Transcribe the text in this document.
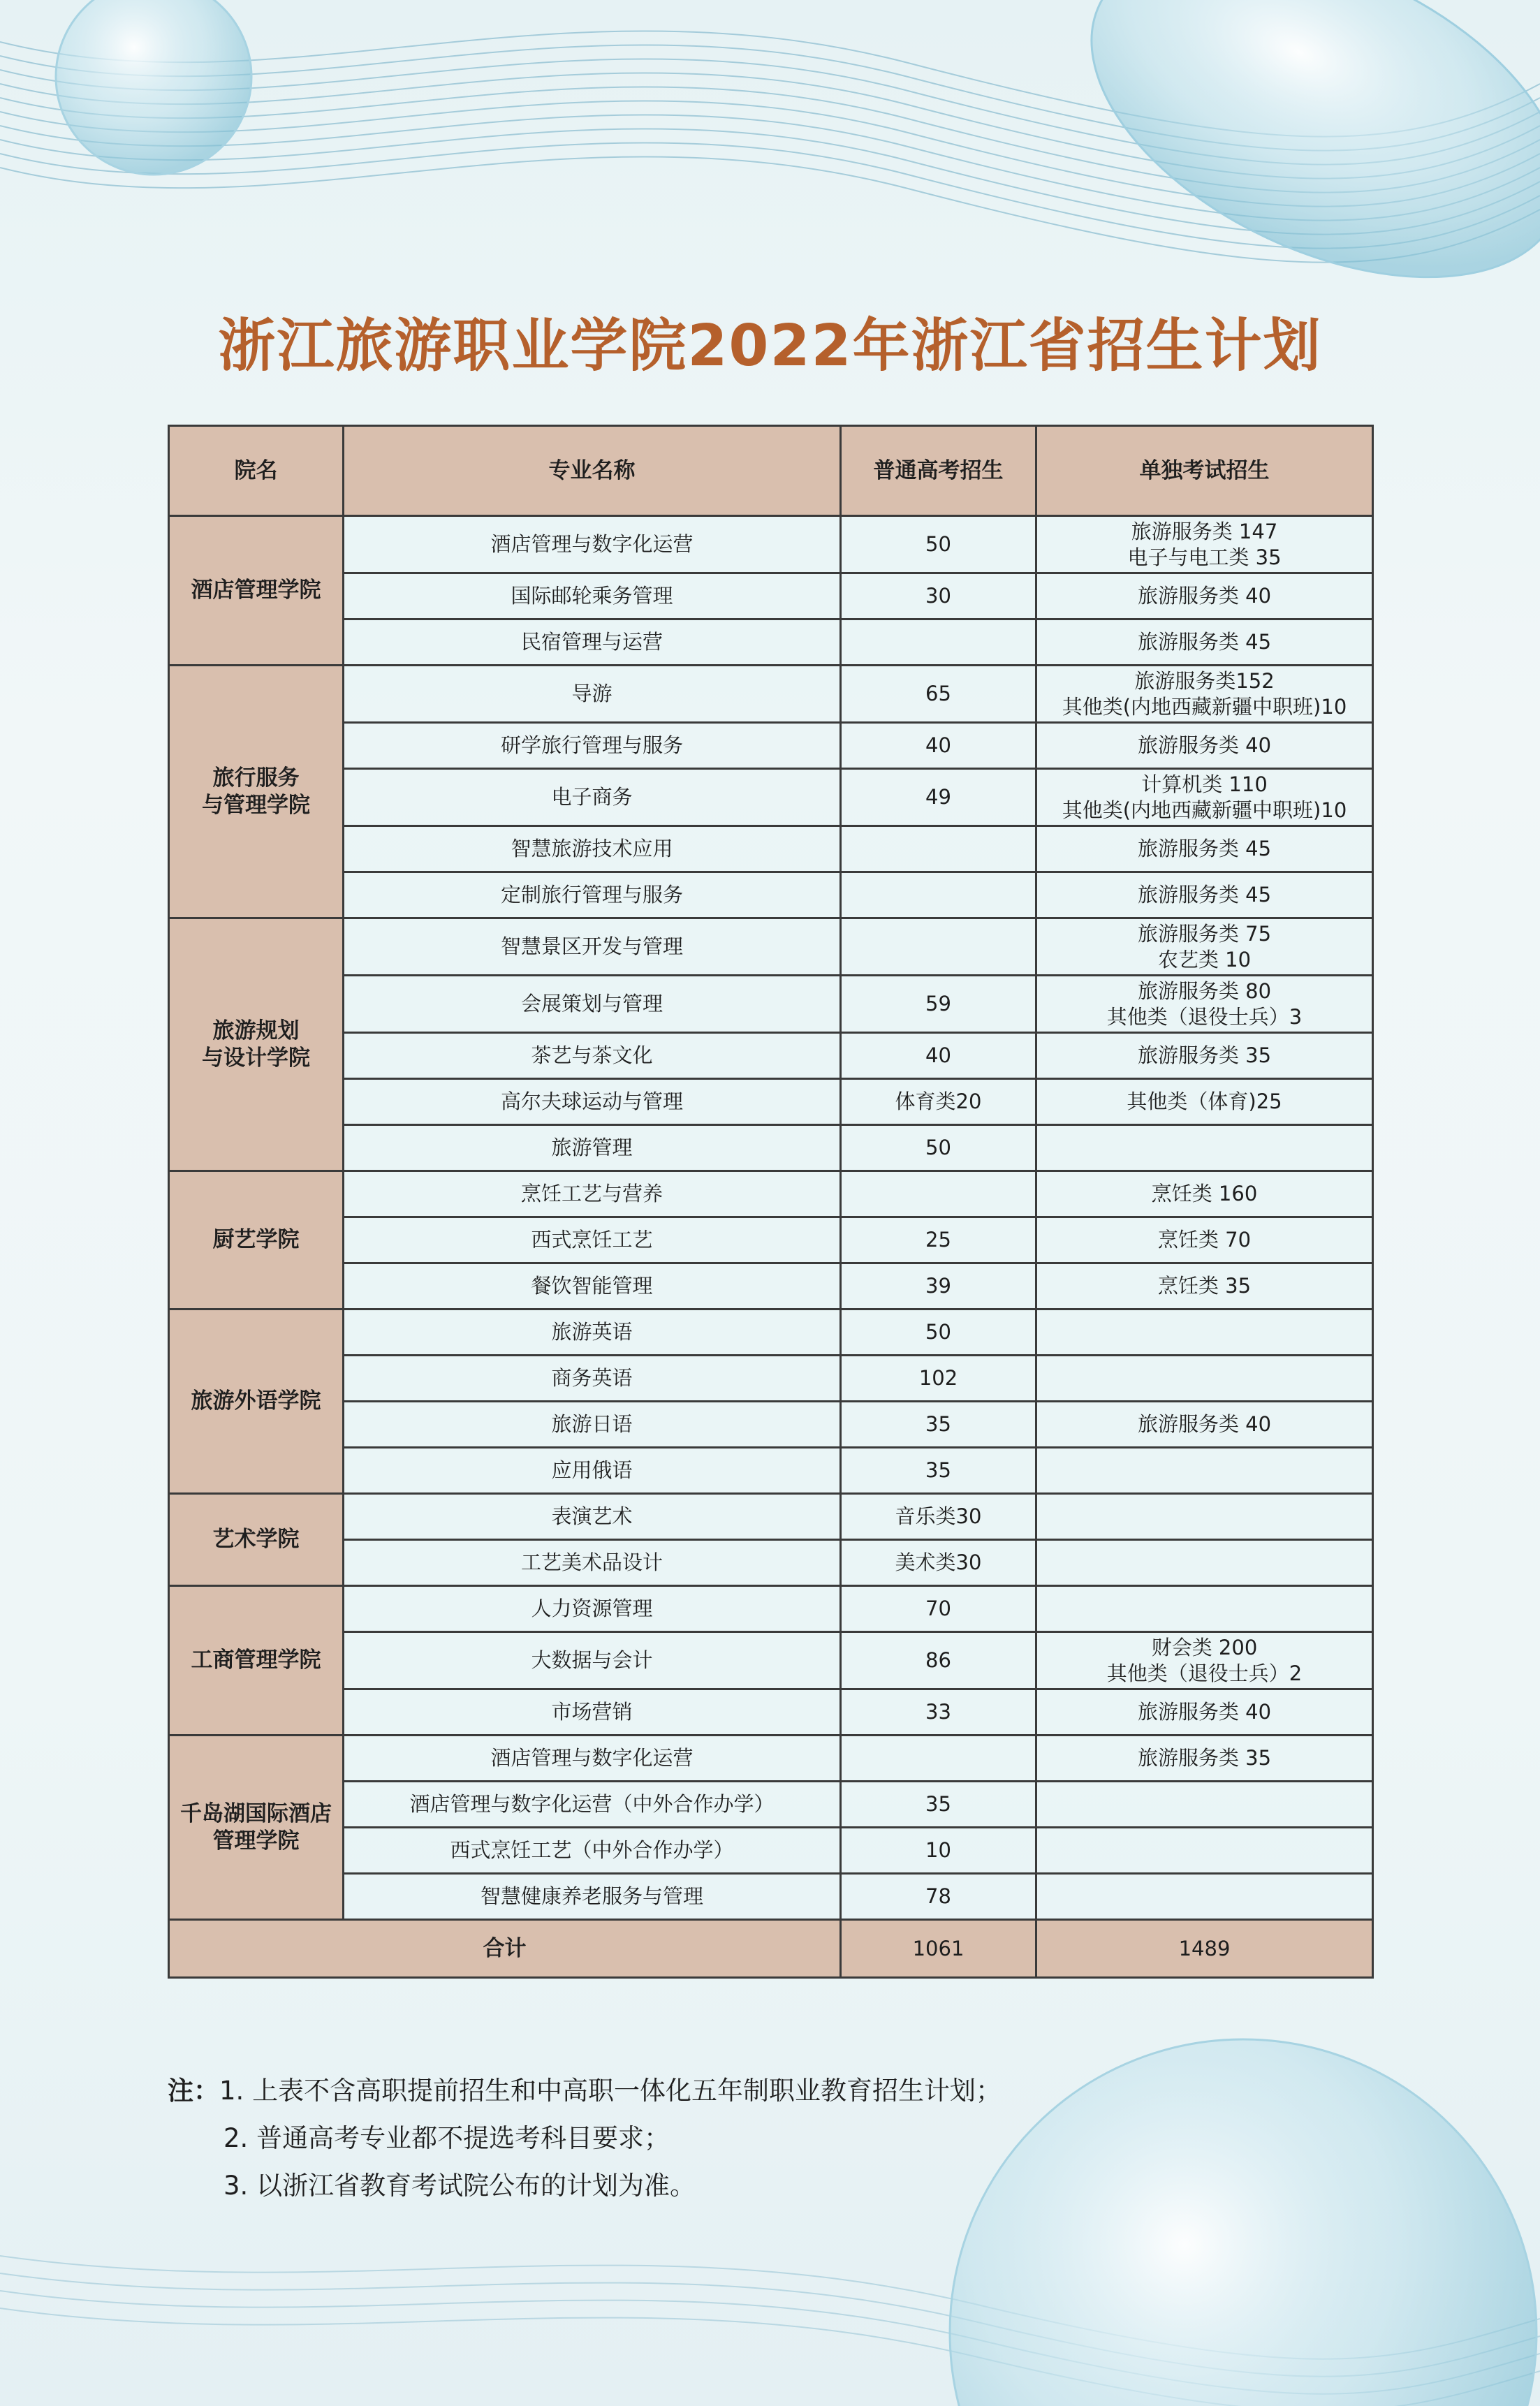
浙江旅游职业学院2022年浙江省招生计划
院名	专业名称	普通高考招生	单独考试招生

酒店管理学院	酒店管理与数字化运营	50	旅游服务类 147
电子与电工类 35

	国际邮轮乘务管理	30	旅游服务类 40

	民宿管理与运营		旅游服务类 45

旅行服务
与管理学院	导游	65	旅游服务类152
其他类(内地西藏新疆中职班)10

	研学旅行管理与服务	40	旅游服务类 40

	电子商务	49	计算机类 110
其他类(内地西藏新疆中职班)10

	智慧旅游技术应用		旅游服务类 45

	定制旅行管理与服务		旅游服务类 45

旅游规划
与设计学院	智慧景区开发与管理		旅游服务类 75
农艺类 10

	会展策划与管理	59	旅游服务类 80
其他类（退役士兵）3

	茶艺与茶文化	40	旅游服务类 35

	高尔夫球运动与管理	体育类20	其他类（体育)25

	旅游管理	50	

厨艺学院	烹饪工艺与营养		烹饪类 160

	西式烹饪工艺	25	烹饪类 70

	餐饮智能管理	39	烹饪类 35

旅游外语学院	旅游英语	50	

	商务英语	102	

	旅游日语	35	旅游服务类 40

	应用俄语	35	

艺术学院	表演艺术	音乐类30	

	工艺美术品设计	美术类30	

工商管理学院	人力资源管理	70	

	大数据与会计	86	财会类 200
其他类（退役士兵）2

	市场营销	33	旅游服务类 40

千岛湖国际酒店
管理学院	酒店管理与数字化运营		旅游服务类 35

	酒店管理与数字化运营（中外合作办学）	35	

	西式烹饪工艺（中外合作办学）	10	

	智慧健康养老服务与管理	78	

合计		1061	1489
注：1. 上表不含高职提前招生和中高职一体化五年制职业教育招生计划；
2. 普通高考专业都不提选考科目要求；
3. 以浙江省教育考试院公布的计划为准。
